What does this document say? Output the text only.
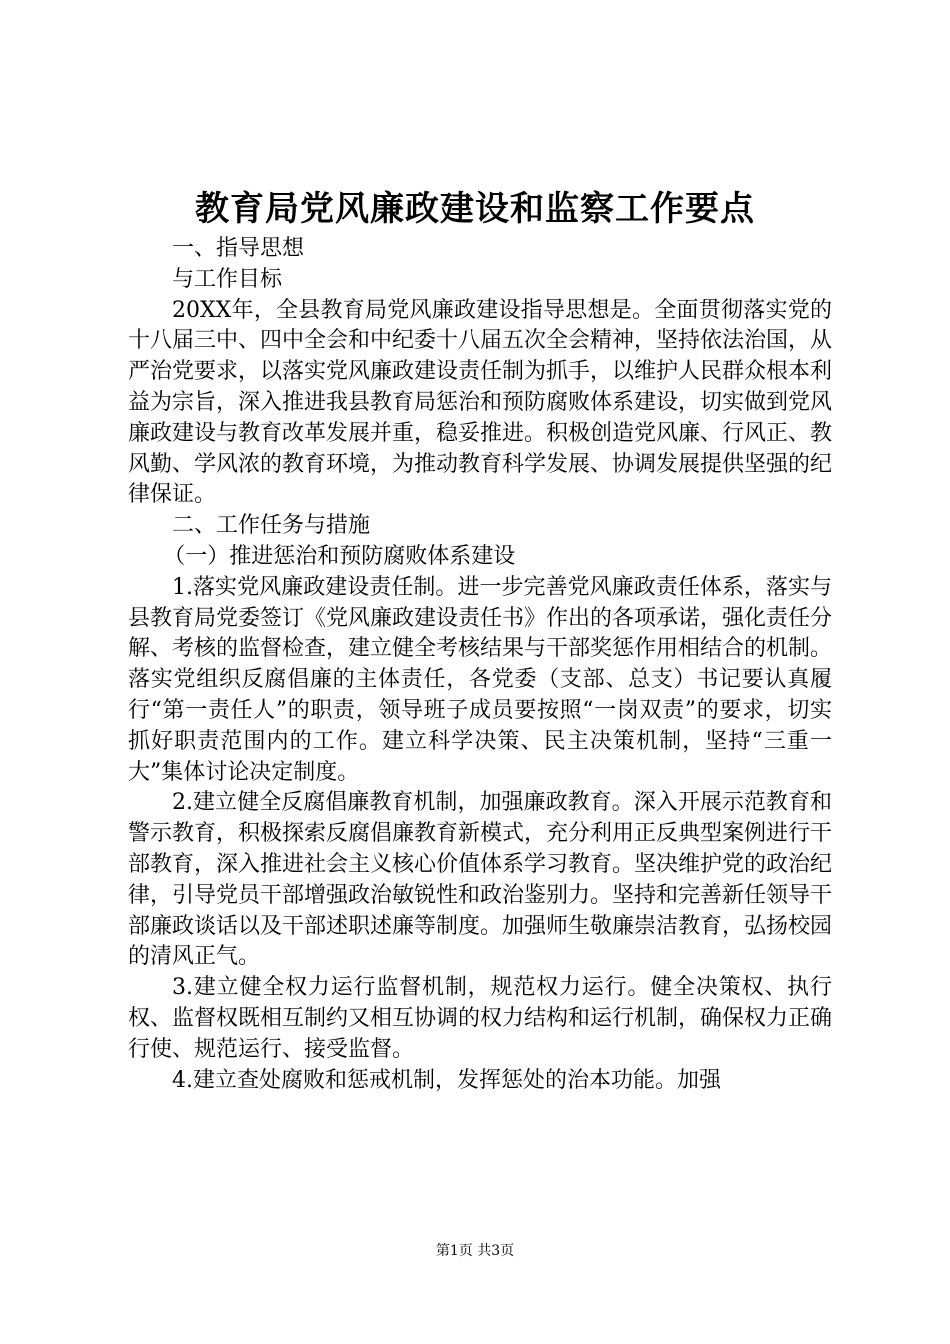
教育局党风廉政建设和监察工作要点

一、指导思想

与工作目标

20XX年，全县教育局党风廉政建设指导思想是。全面贯彻落实党的十八届三中、四中全会和中纪委十八届五次全会精神，坚持依法治国，从严治党要求，以落实党风廉政建设责任制为抓手，以维护人民群众根本利益为宗旨，深入推进我县教育局惩治和预防腐败体系建设，切实做到党风廉政建设与教育改革发展并重，稳妥推进。积极创造党风廉、行风正、教风勤、学风浓的教育环境，为推动教育科学发展、协调发展提供坚强的纪律保证。

二、工作任务与措施

（一）推进惩治和预防腐败体系建设

1.落实党风廉政建设责任制。进一步完善党风廉政责任体系，落实与县教育局党委签订《党风廉政建设责任书》作出的各项承诺，强化责任分解、考核的监督检查，建立健全考核结果与干部奖惩作用相结合的机制。落实党组织反腐倡廉的主体责任，各党委（支部、总支）书记要认真履行“第一责任人”的职责，领导班子成员要按照“一岗双责”的要求，切实抓好职责范围内的工作。建立科学决策、民主决策机制，坚持“三重一大”集体讨论决定制度。

2.建立健全反腐倡廉教育机制，加强廉政教育。深入开展示范教育和警示教育，积极探索反腐倡廉教育新模式，充分利用正反典型案例进行干部教育，深入推进社会主义核心价值体系学习教育。坚决维护党的政治纪律，引导党员干部增强政治敏锐性和政治鉴别力。坚持和完善新任领导干部廉政谈话以及干部述职述廉等制度。加强师生敬廉崇洁教育，弘扬校园的清风正气。

3.建立健全权力运行监督机制，规范权力运行。健全决策权、执行权、监督权既相互制约又相互协调的权力结构和运行机制，确保权力正确行使、规范运行、接受监督。

4.建立查处腐败和惩戒机制，发挥惩处的治本功能。加强

第1页 共3页
